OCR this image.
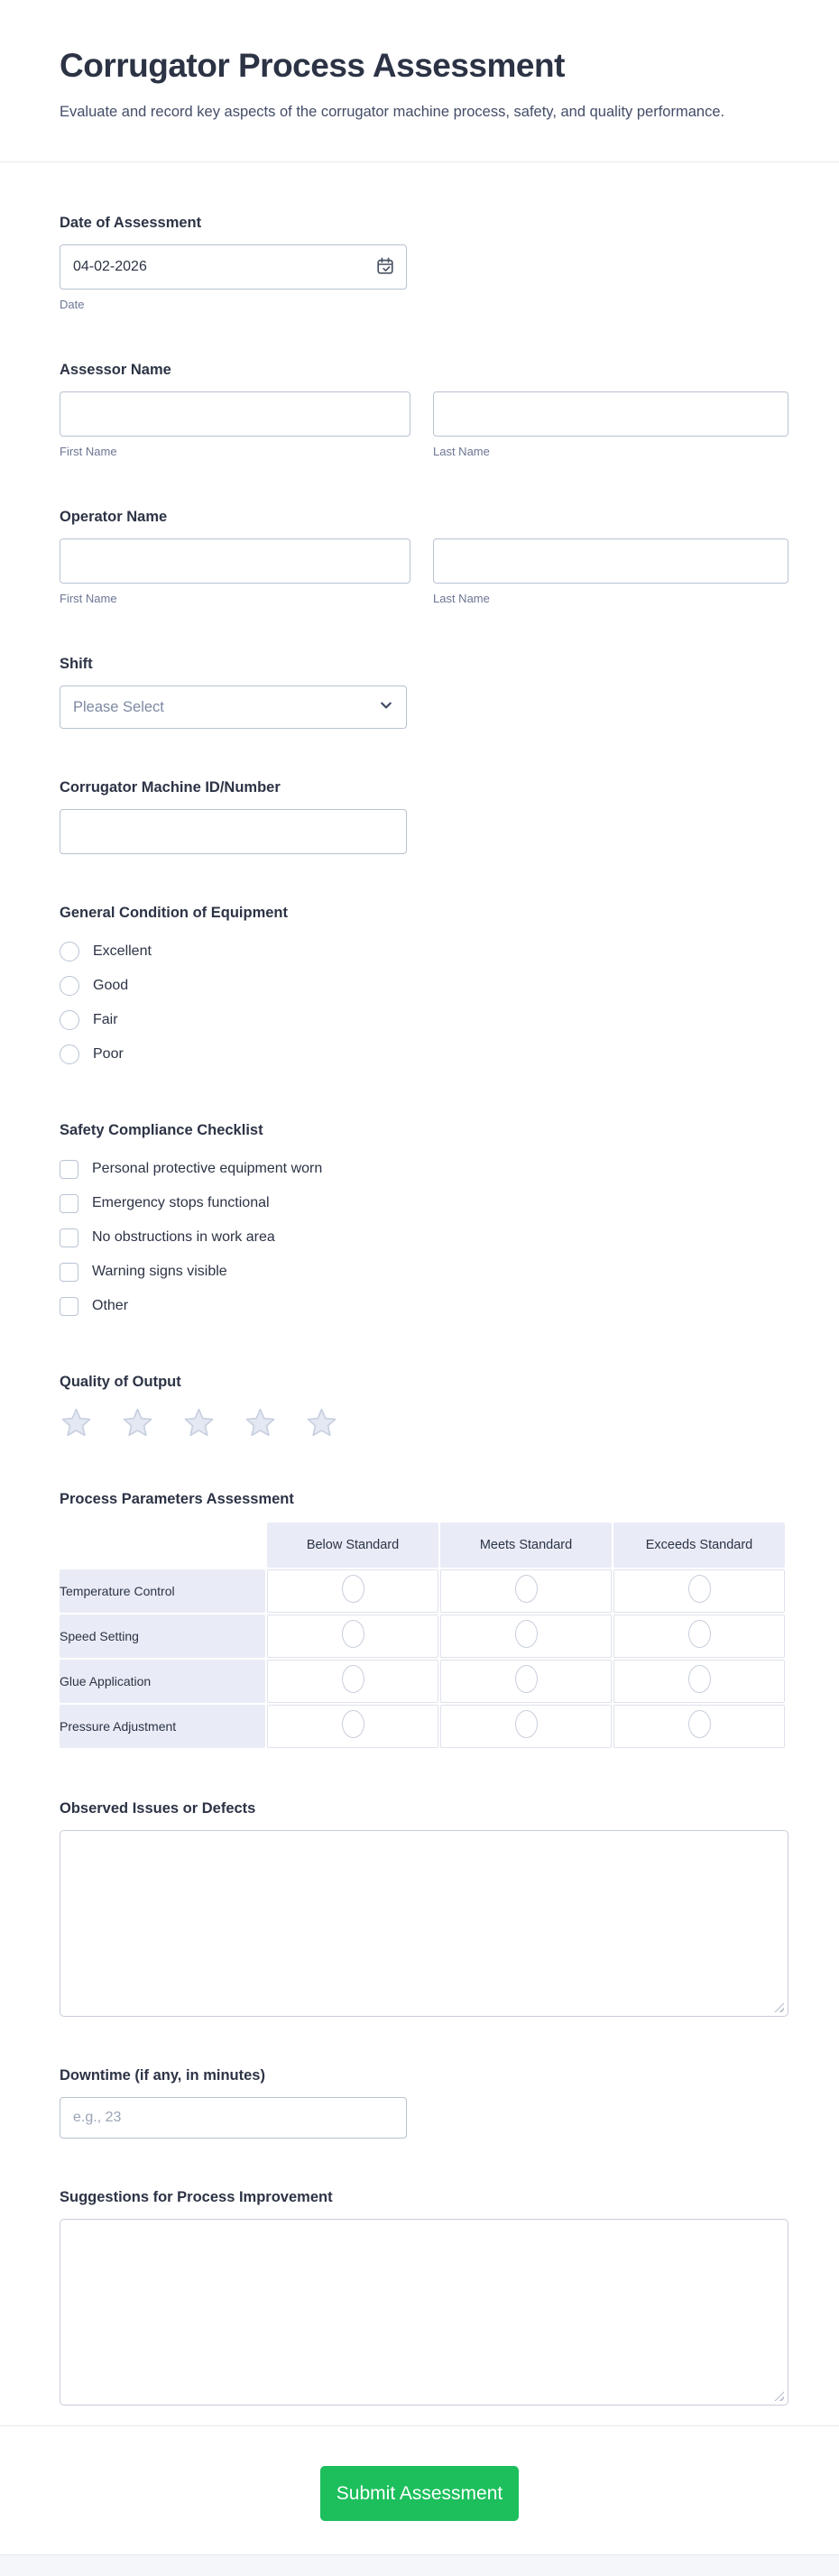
Corrugator Process Assessment
Evaluate and record key aspects of the corrugator machine process, safety, and quality performance.
Date of Assessment
04-02-2026
Date
Assessor Name
First Name	Last Name
Operator Name
First Name	Last Name
Shift
Please Select
Corrugator Machine ID/Number
General Condition of Equipment
Excellent
Good
Fair
Poor
Safety Compliance Checklist
Personal protective equipment worn
Emergency stops functional
No obstructions in work area
Warning signs visible
Other
Quality of Output
Process Parameters Assessment
	Below Standard	Meets Standard	Exceeds Standard
Temperature Control			
Speed Setting			
Glue Application			
Pressure Adjustment			
Observed Issues or Defects
Downtime (if any, in minutes)
e.g., 23
Suggestions for Process Improvement
Submit Assessment
